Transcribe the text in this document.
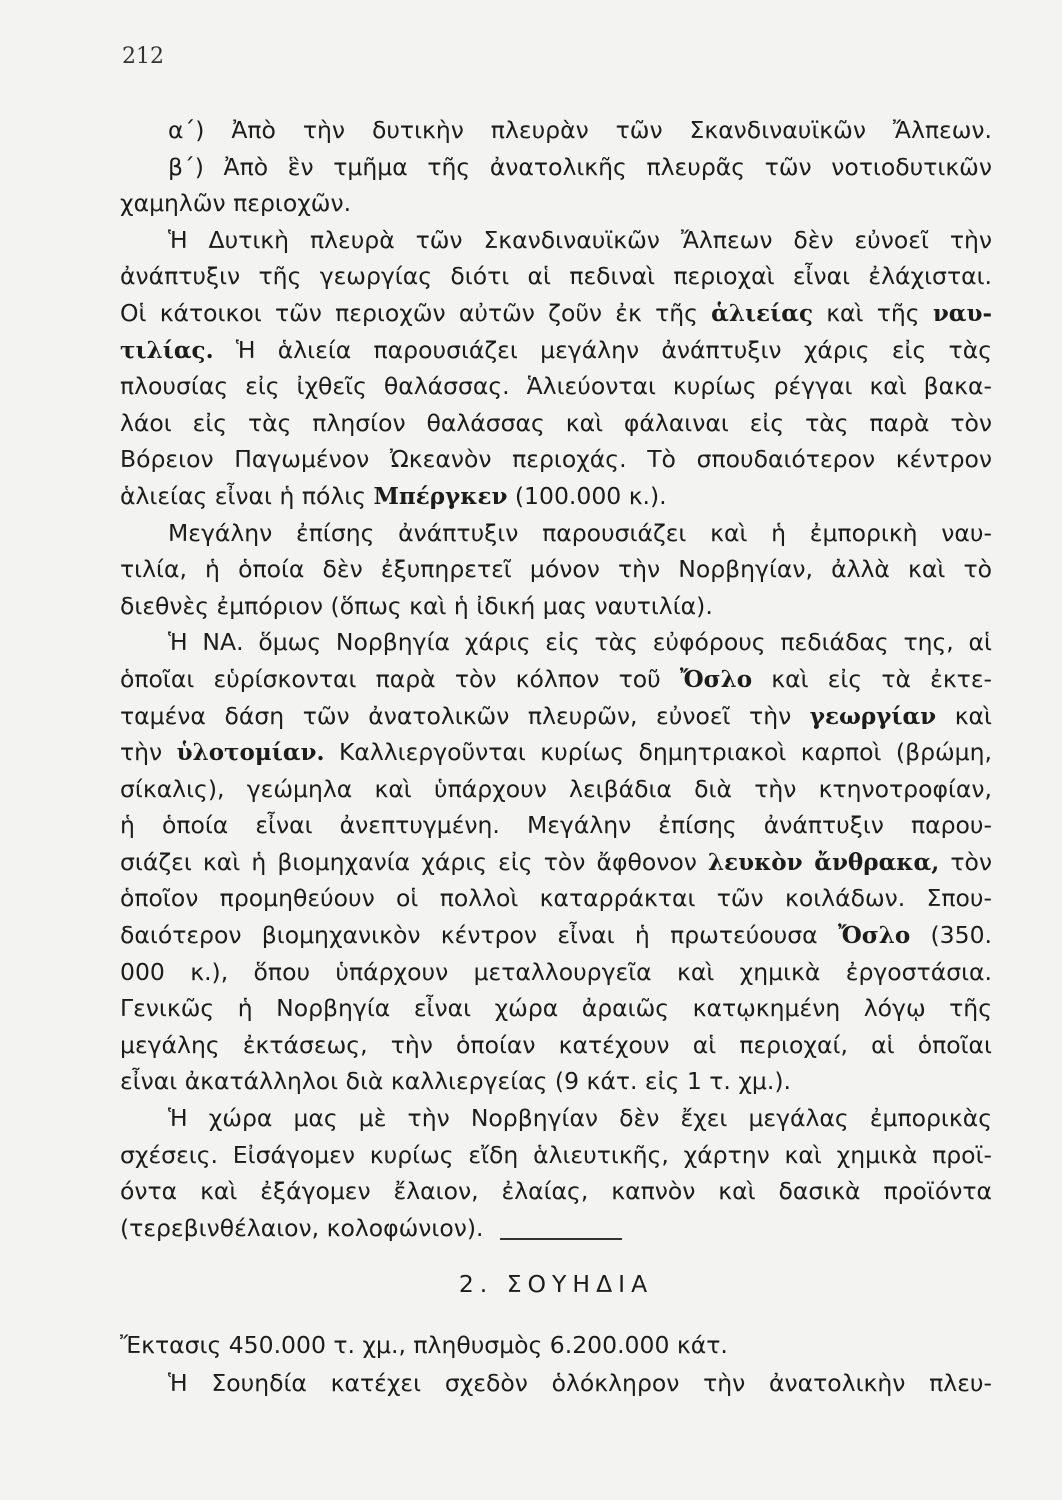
212
α΄) Ἀπὸ τὴν δυτικὴν πλευρὰν τῶν Σκανδιναυϊκῶν Ἄλπεων.
β΄) Ἀπὸ ἓν τμῆμα τῆς ἀνατολικῆς πλευρᾶς τῶν νοτιοδυτικῶν
χαμηλῶν περιοχῶν.
Ἡ Δυτικὴ πλευρὰ τῶν Σκανδιναυϊκῶν Ἄλπεων δὲν εὐνοεῖ τὴν
ἀνάπτυξιν τῆς γεωργίας διότι αἱ πεδιναὶ περιοχαὶ εἶναι ἐλάχισται.
Οἱ κάτοικοι τῶν περιοχῶν αὐτῶν ζοῦν ἐκ τῆς ἁλιείας καὶ τῆς ναυ-
τιλίας. Ἡ ἁλιεία παρουσιάζει μεγάλην ἀνάπτυξιν χάρις εἰς τὰς
πλουσίας εἰς ἰχθεῖς θαλάσσας. Ἁλιεύονται κυρίως ρέγγαι καὶ βακα-
λάοι εἰς τὰς πλησίον θαλάσσας καὶ φάλαιναι εἰς τὰς παρὰ τὸν
Βόρειον Παγωμένον Ὠκεανὸν περιοχάς. Τὸ σπουδαιότερον κέντρον
ἁλιείας εἶναι ἡ πόλις Μπέργκεν (100.000 κ.).
Μεγάλην ἐπίσης ἀνάπτυξιν παρουσιάζει καὶ ἡ ἐμπορικὴ ναυ-
τιλία, ἡ ὁποία δὲν ἐξυπηρετεῖ μόνον τὴν Νορβηγίαν, ἀλλὰ καὶ τὸ
διεθνὲς ἐμπόριον (ὅπως καὶ ἡ ἰδική μας ναυτιλία).
Ἡ ΝΑ. ὅμως Νορβηγία χάρις εἰς τὰς εὐφόρους πεδιάδας της, αἱ
ὁποῖαι εὑρίσκονται παρὰ τὸν κόλπον τοῦ Ὄσλο καὶ εἰς τὰ ἐκτε-
ταμένα δάση τῶν ἀνατολικῶν πλευρῶν, εὐνοεῖ τὴν γεωργίαν καὶ
τὴν ὑλοτομίαν. Καλλιεργοῦνται κυρίως δημητριακοὶ καρποὶ (βρώμη,
σίκαλις), γεώμηλα καὶ ὑπάρχουν λειβάδια διὰ τὴν κτηνοτροφίαν,
ἡ ὁποία εἶναι ἀνεπτυγμένη. Μεγάλην ἐπίσης ἀνάπτυξιν παρου-
σιάζει καὶ ἡ βιομηχανία χάρις εἰς τὸν ἄφθονον λευκὸν ἄνθρακα, τὸν
ὁποῖον προμηθεύουν οἱ πολλοὶ καταρράκται τῶν κοιλάδων. Σπου-
δαιότερον βιομηχανικὸν κέντρον εἶναι ἡ πρωτεύουσα Ὄσλο (350.
000 κ.), ὅπου ὑπάρχουν μεταλλουργεῖα καὶ χημικὰ ἐργοστάσια.
Γενικῶς ἡ Νορβηγία εἶναι χώρα ἀραιῶς κατῳκημένη λόγῳ τῆς
μεγάλης ἐκτάσεως, τὴν ὁποίαν κατέχουν αἱ περιοχαί, αἱ ὁποῖαι
εἶναι ἀκατάλληλοι διὰ καλλιεργείας (9 κάτ. εἰς 1 τ. χμ.).
Ἡ χώρα μας μὲ τὴν Νορβηγίαν δὲν ἔχει μεγάλας ἐμπορικὰς
σχέσεις. Εἰσάγομεν κυρίως εἴδη ἁλιευτικῆς, χάρτην καὶ χημικὰ προϊ-
όντα καὶ ἐξάγομεν ἔλαιον, ἐλαίας, καπνὸν καὶ δασικὰ προϊόντα
(τερεβινθέλαιον, κολοφώνιον).
2. ΣΟΥΗΔΙΑ
Ἔκτασις 450.000 τ. χμ., πληθυσμὸς 6.200.000 κάτ.
Ἡ Σουηδία κατέχει σχεδὸν ὁλόκληρον τὴν ἀνατολικὴν πλευ-
